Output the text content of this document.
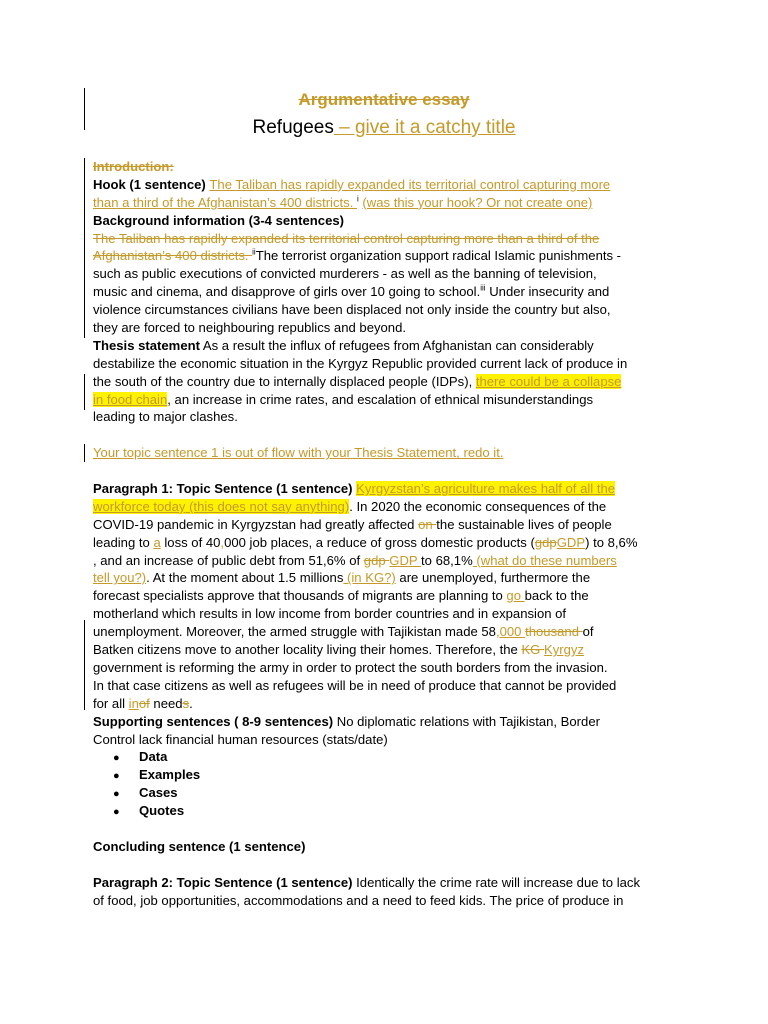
Argumentative essay
Refugees – give it a catchy title
Introduction:
Hook (1 sentence) The Taliban has rapidly expanded its territorial control capturing more
than a third of the Afghanistan’s 400 districts. $^i$ (was this your hook? Or not create one)
Background information (3-4 sentences)
The Taliban has rapidly expanded its territorial control capturing more than a third of the
Afghanistan’s 400 districts. $^{ii}$The terrorist organization support radical Islamic punishments -
such as public executions of convicted murderers - as well as the banning of television,
music and cinema, and disapprove of girls over 10 going to school.$^{iii}$ Under insecurity and
violence circumstances civilians have been displaced not only inside the country but also,
they are forced to neighbouring republics and beyond.
Thesis statement As a result the influx of refugees from Afghanistan can considerably
destabilize the economic situation in the Kyrgyz Republic provided current lack of produce in
the south of the country due to internally displaced people (IDPs), there could be a collapse
in food chain, an increase in crime rates, and escalation of ethnical misunderstandings
leading to major clashes.
Your topic sentence 1 is out of flow with your Thesis Statement, redo it.
Paragraph 1: Topic Sentence (1 sentence) Kyrgyzstan’s agriculture makes half of all the
workforce today (this does not say anything). In 2020 the economic consequences of the
COVID-19 pandemic in Kyrgyzstan had greatly affected on the sustainable lives of people
leading to a loss of 40,000 job places, a reduce of gross domestic products (gdpGDP) to 8,6%
, and an increase of public debt from 51,6% of gdp GDP to 68,1% (what do these numbers
tell you?). At the moment about 1.5 millions (in KG?) are unemployed, furthermore the
forecast specialists approve that thousands of migrants are planning to go back to the
motherland which results in low income from border countries and in expansion of
unemployment. Moreover, the armed struggle with Tajikistan made 58,000 thousand of
Batken citizens move to another locality living their homes. Therefore, the KG Kyrgyz
government is reforming the army in order to protect the south borders from the invasion.
In that case citizens as well as refugees will be in need of produce that cannot be provided
for all inof needs.
Supporting sentences ( 8-9 sentences) No diplomatic relations with Tajikistan, Border
Control lack financial human resources (stats/date)
● Data
● Examples
● Cases
● Quotes
Concluding sentence (1 sentence)
Paragraph 2: Topic Sentence (1 sentence) Identically the crime rate will increase due to lack
of food, job opportunities, accommodations and a need to feed kids. The price of produce in
